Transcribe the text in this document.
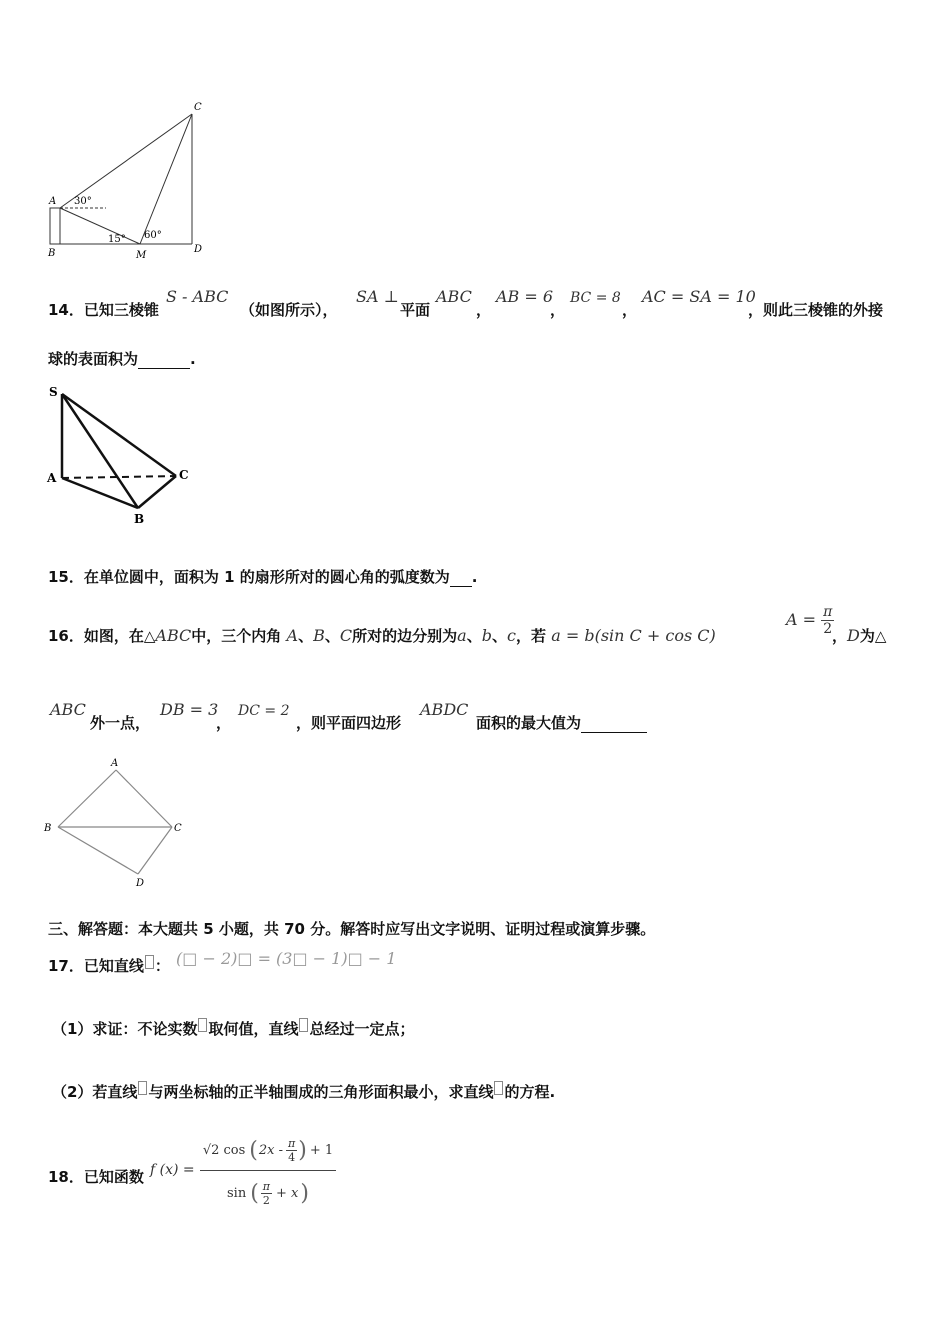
C
A
B	M
D
30°
15° 60°
14．已知三棱锥
S - ABC
（如图所示），
SA ⊥
平面
ABC
，
AB = 6
，
BC = 8
，
AC = SA = 10
，则此三棱锥的外接
球的表面积为	.
S
A	C
B
15．在单位圆中，面积为 1 的扇形所对的圆心角的弧度数为 .
16．如图，在△ABC中，三个内角 A、B、C所对的边分别为a、b、c，若 a = b(sin C + cos C)
$A = \frac{\pi}{2}$
，D为△
ABC
外一点，
DB = 3
，
DC = 2
，则平面四边形
ABDC
面积的最大值为
A
B	C
D
三、解答题：本大题共 5 小题，共 70 分。解答时应写出文字说明、证明过程或演算步骤。
17．已知直线 ： (□ − 2)□ = (3□ − 1)□ − 1
（1）求证：不论实数 取何值，直线 总经过一定点；
（2）若直线 与两坐标轴的正半轴围成的三角形面积最小，求直线 的方程.
18．已知函数 f (x) =
√2 cos ( $2x - \frac{\pi}{4}$ ) + 1
sin ( $\frac{\pi}{2} + x$ )
